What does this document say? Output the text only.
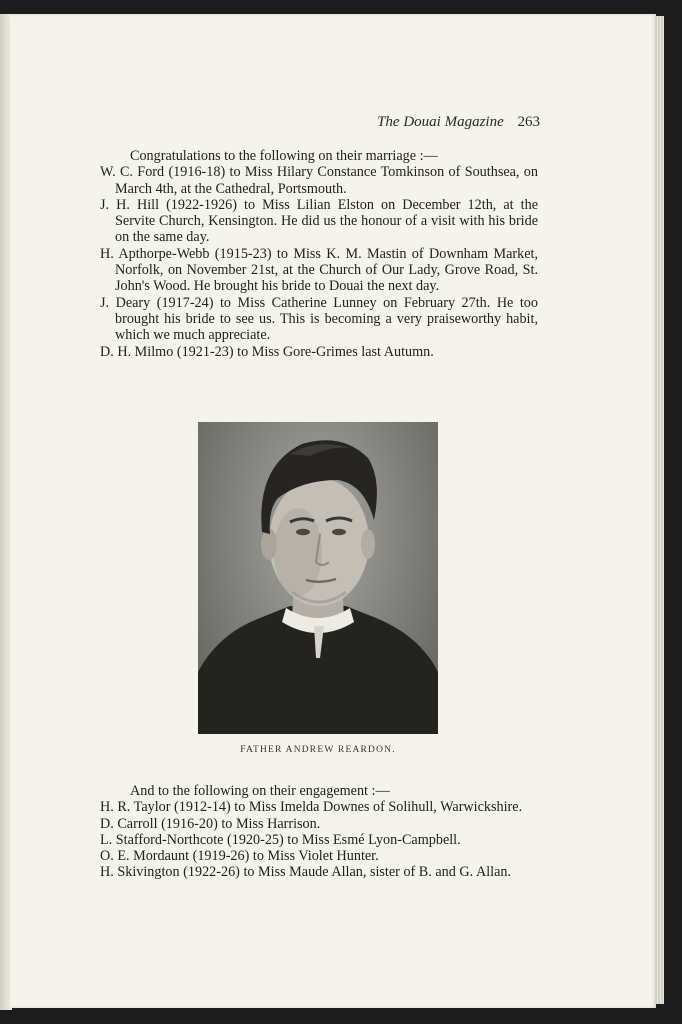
The Douai Magazine 263

Congratulations to the following on their marriage :—

W. C. Ford (1916-18) to Miss Hilary Constance Tomkinson of Southsea, on March 4th, at the Cathedral, Portsmouth.

J. H. Hill (1922-1926) to Miss Lilian Elston on December 12th, at the Servite Church, Kensington. He did us the honour of a visit with his bride on the same day.

H. Apthorpe-Webb (1915-23) to Miss K. M. Mastin of Downham Market, Norfolk, on November 21st, at the Church of Our Lady, Grove Road, St. John's Wood. He brought his bride to Douai the next day.

J. Deary (1917-24) to Miss Catherine Lunney on February 27th. He too brought his bride to see us. This is becoming a very praiseworthy habit, which we much appreciate.

D. H. Milmo (1921-23) to Miss Gore-Grimes last Autumn.

FATHER ANDREW REARDON.

And to the following on their engagement :—

H. R. Taylor (1912-14) to Miss Imelda Downes of Solihull, Warwickshire.

D. Carroll (1916-20) to Miss Harrison.

L. Stafford-Northcote (1920-25) to Miss Esmé Lyon-Campbell.

O. E. Mordaunt (1919-26) to Miss Violet Hunter.

H. Skivington (1922-26) to Miss Maude Allan, sister of B. and G. Allan.
